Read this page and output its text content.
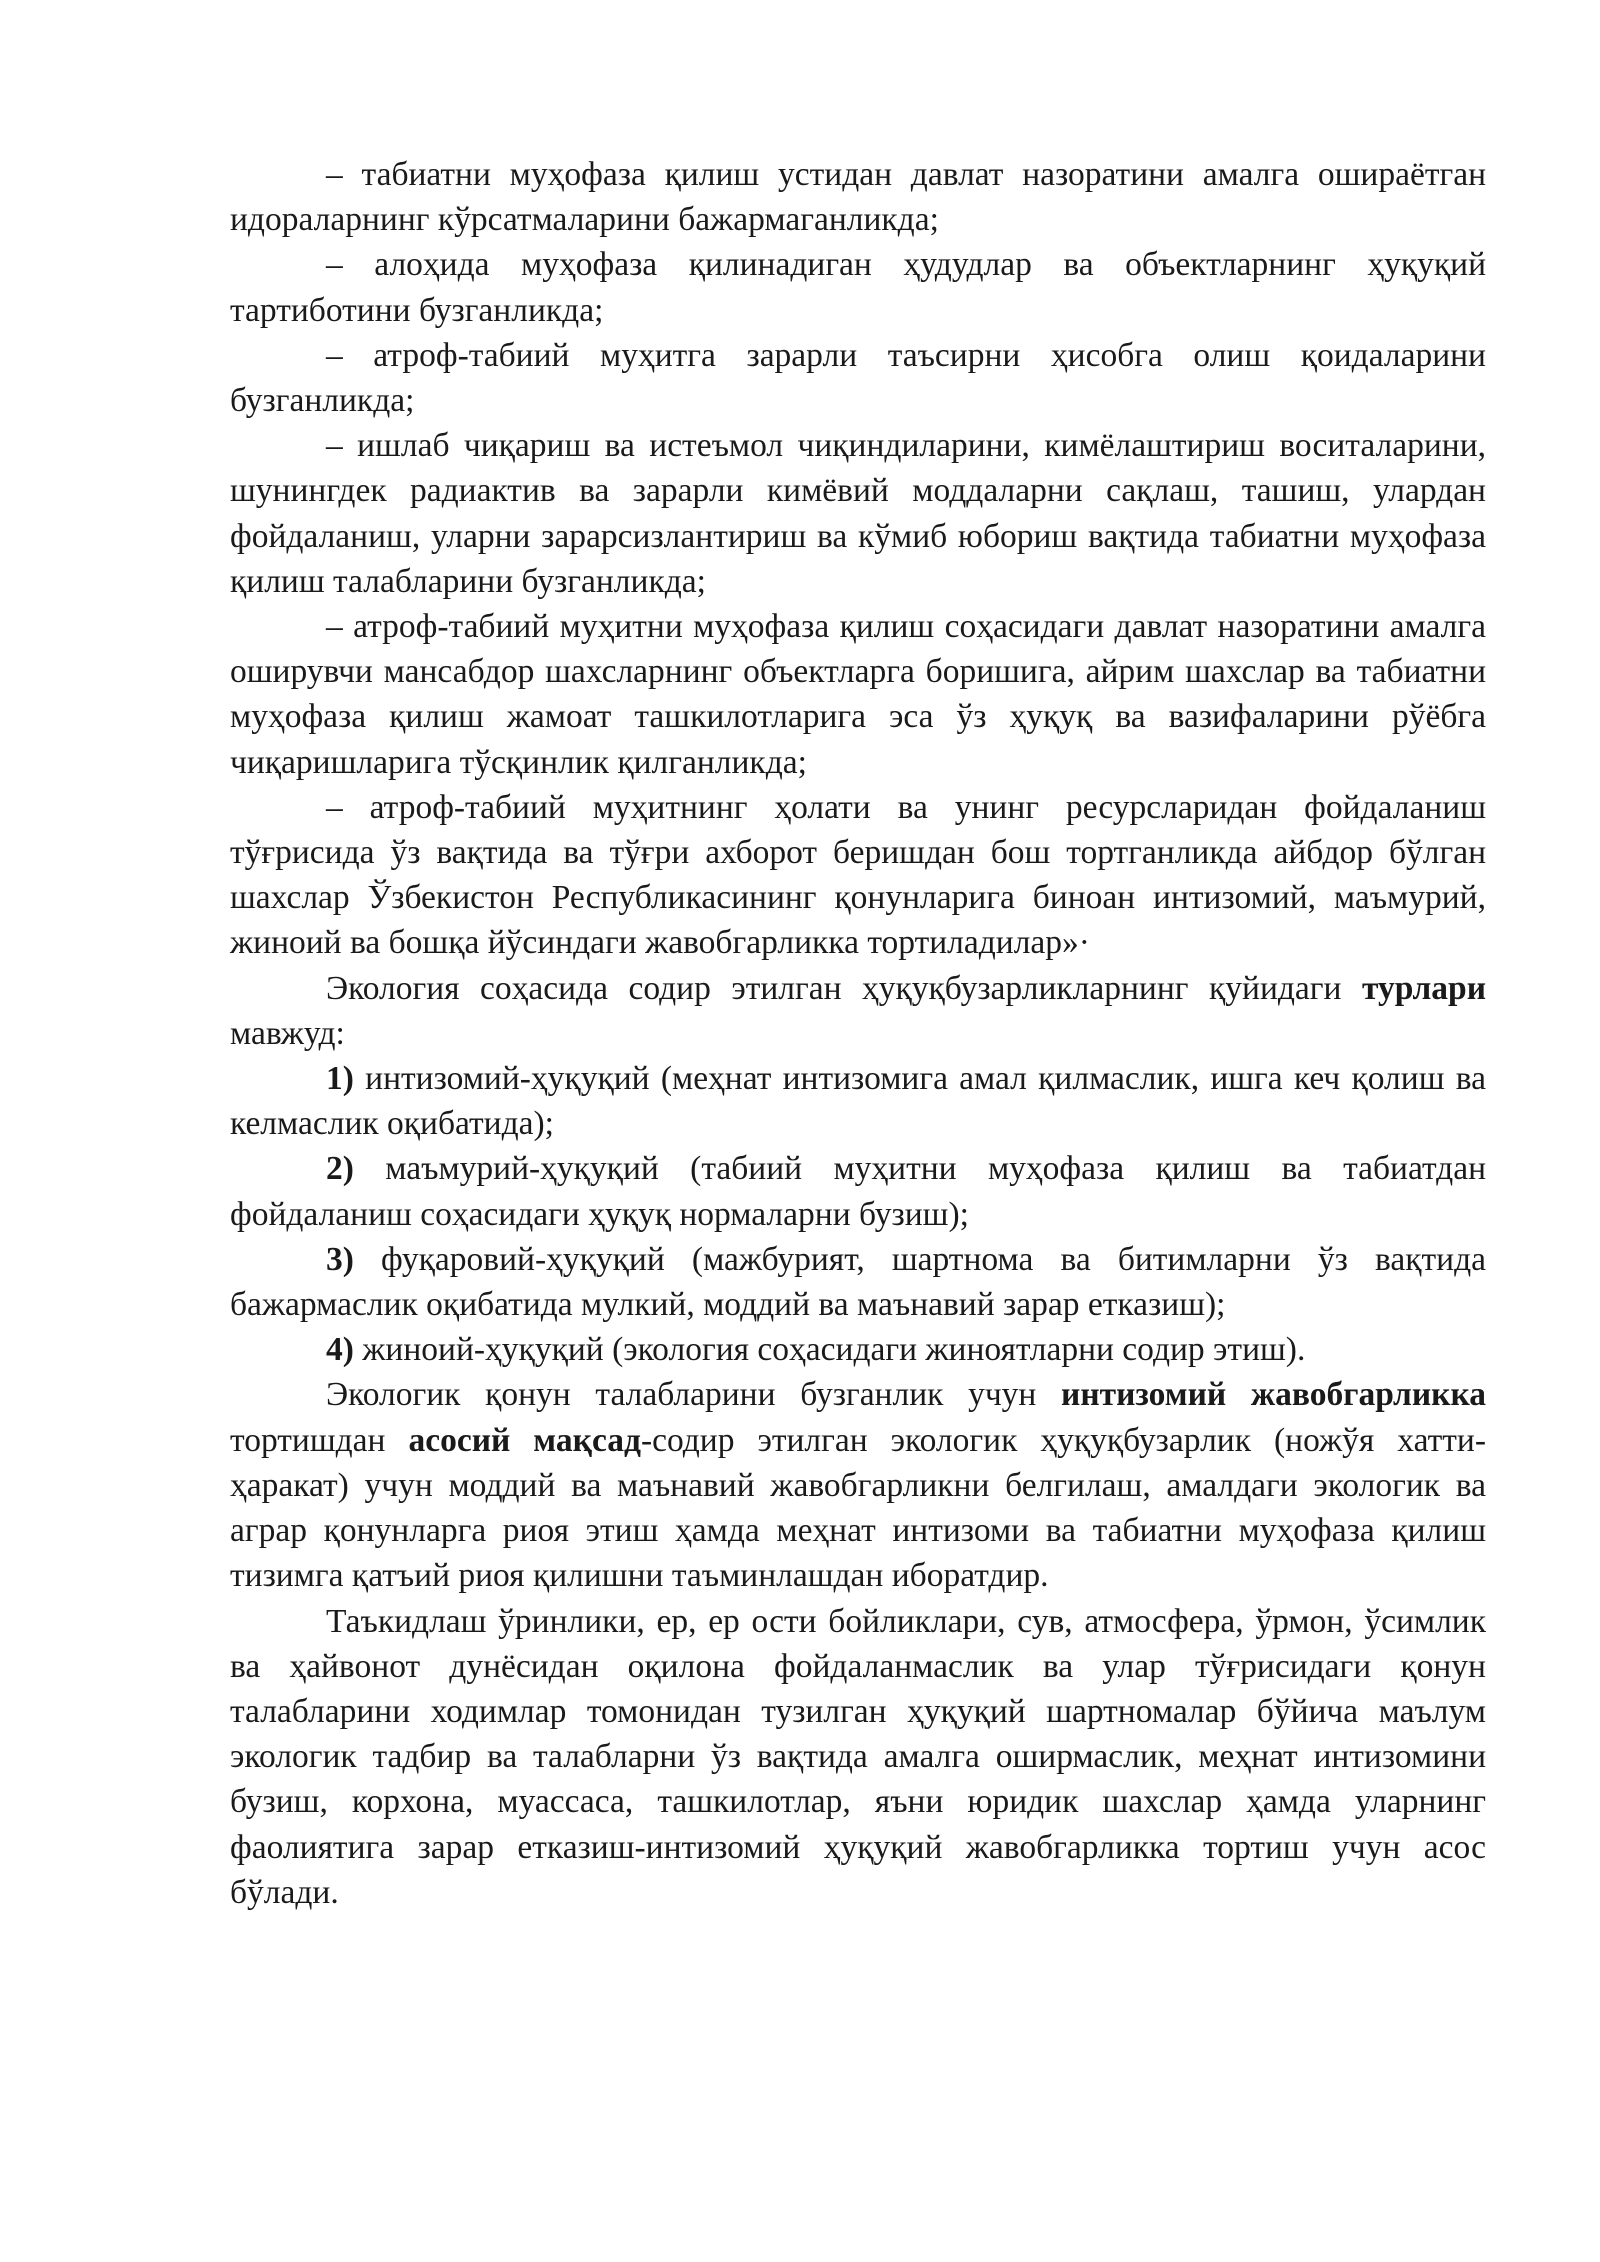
– табиатни муҳофаза қилиш устидан давлат назоратини амалга ошираётган идораларнинг кўрсатмаларини бажармаганликда;

– алоҳида муҳофаза қилинадиган ҳудудлар ва объектларнинг ҳуқуқий тартиботини бузганликда;

– атроф-табиий муҳитга зарарли таъсирни ҳисобга олиш қоидаларини бузганликда;

– ишлаб чиқариш ва истеъмол чиқиндиларини, кимёлаштириш воситаларини, шунингдек радиактив ва зарарли кимёвий моддаларни сақлаш, ташиш, улардан фойдаланиш, уларни зарарсизлантириш ва кўмиб юбориш вақтида табиатни муҳофаза қилиш талабларини бузганликда;

– атроф-табиий муҳитни муҳофаза қилиш соҳасидаги давлат назоратини амалга оширувчи мансабдор шахсларнинг объектларга боришига, айрим шахслар ва табиатни муҳофаза қилиш жамоат ташкилотларига эса ўз ҳуқуқ ва вазифаларини рўёбга чиқаришларига тўсқинлик қилганликда;

– атроф-табиий муҳитнинг ҳолати ва унинг ресурсларидан фойдаланиш тўғрисида ўз вақтида ва тўғри ахборот беришдан бош тортганликда айбдор бўлган шахслар Ўзбекистон Республикасининг қонунларига биноан интизомий, маъмурий, жиноий ва бошқа йўсиндаги жавобгарликка тортиладилар»·

Экология соҳасида содир этилган ҳуқуқбузарликларнинг қуйидаги турлари мавжуд:

1) интизомий-ҳуқуқий (меҳнат интизомига амал қилмаслик, ишга кеч қолиш ва келмаслик оқибатида);

2) маъмурий-ҳуқуқий (табиий муҳитни муҳофаза қилиш ва табиатдан фойдаланиш соҳасидаги ҳуқуқ нормаларни бузиш);

3) фуқаровий-ҳуқуқий (мажбурият, шартнома ва битимларни ўз вақтида бажармаслик оқибатида мулкий, моддий ва маънавий зарар етказиш);

4) жиноий-ҳуқуқий (экология соҳасидаги жиноятларни содир этиш).

Экологик қонун талабларини бузганлик учун интизомий жавобгарликка тортишдан асосий мақсад-содир этилган экологик ҳуқуқбузарлик (ножўя хатти-ҳаракат) учун моддий ва маънавий жавобгарликни белгилаш, амалдаги экологик ва аграр қонунларга риоя этиш ҳамда меҳнат интизоми ва табиатни муҳофаза қилиш тизимга қатъий риоя қилишни таъминлашдан иборатдир.

Таъкидлаш ўринлики, ер, ер ости бойликлари, сув, атмосфера, ўрмон, ўсимлик ва ҳайвонот дунёсидан оқилона фойдаланмаслик ва улар тўғрисидаги қонун талабларини ходимлар томонидан тузилган ҳуқуқий шартномалар бўйича маълум экологик тадбир ва талабларни ўз вақтида амалга оширмаслик, меҳнат интизомини бузиш, корхона, муассаса, ташкилотлар, яъни юридик шахслар ҳамда уларнинг фаолиятига зарар етказиш-интизомий ҳуқуқий жавобгарликка тортиш учун асос бўлади.
